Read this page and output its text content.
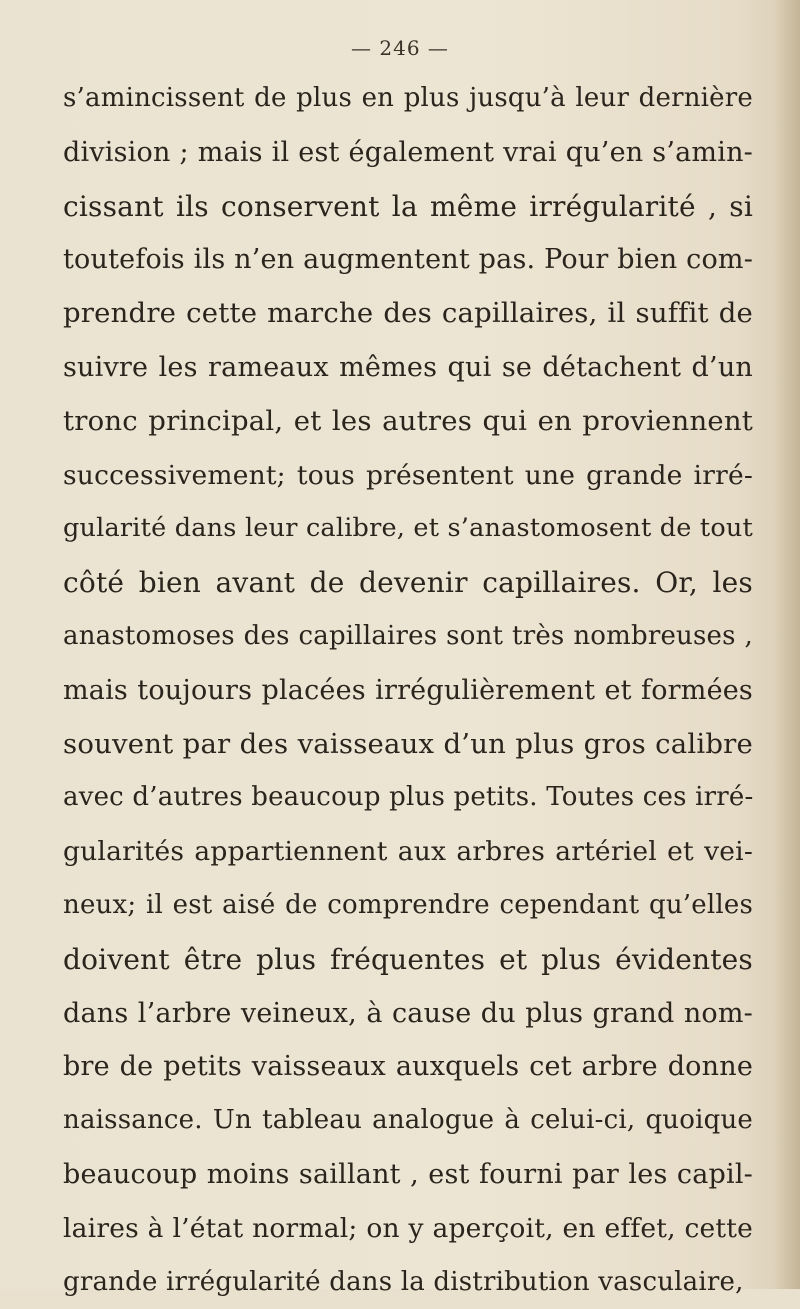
— 246 —
s’amincissent de plus en plus jusqu’à leur dernière
division ; mais il est également vrai qu’en s’amin-
cissant ils conservent la même irrégularité , si
toutefois ils n’en augmentent pas. Pour bien com-
prendre cette marche des capillaires, il suffit de
suivre les rameaux mêmes qui se détachent d’un
tronc principal, et les autres qui en proviennent
successivement; tous présentent une grande irré-
gularité dans leur calibre, et s’anastomosent de tout
côté bien avant de devenir capillaires. Or, les
anastomoses des capillaires sont très nombreuses ,
mais toujours placées irrégulièrement et formées
souvent par des vaisseaux d’un plus gros calibre
avec d’autres beaucoup plus petits. Toutes ces irré-
gularités appartiennent aux arbres artériel et vei-
neux; il est aisé de comprendre cependant qu’elles
doivent être plus fréquentes et plus évidentes
dans l’arbre veineux, à cause du plus grand nom-
bre de petits vaisseaux auxquels cet arbre donne
naissance. Un tableau analogue à celui-ci, quoique
beaucoup moins saillant , est fourni par les capil-
laires à l’état normal; on y aperçoit, en effet, cette
grande irrégularité dans la distribution vasculaire,
